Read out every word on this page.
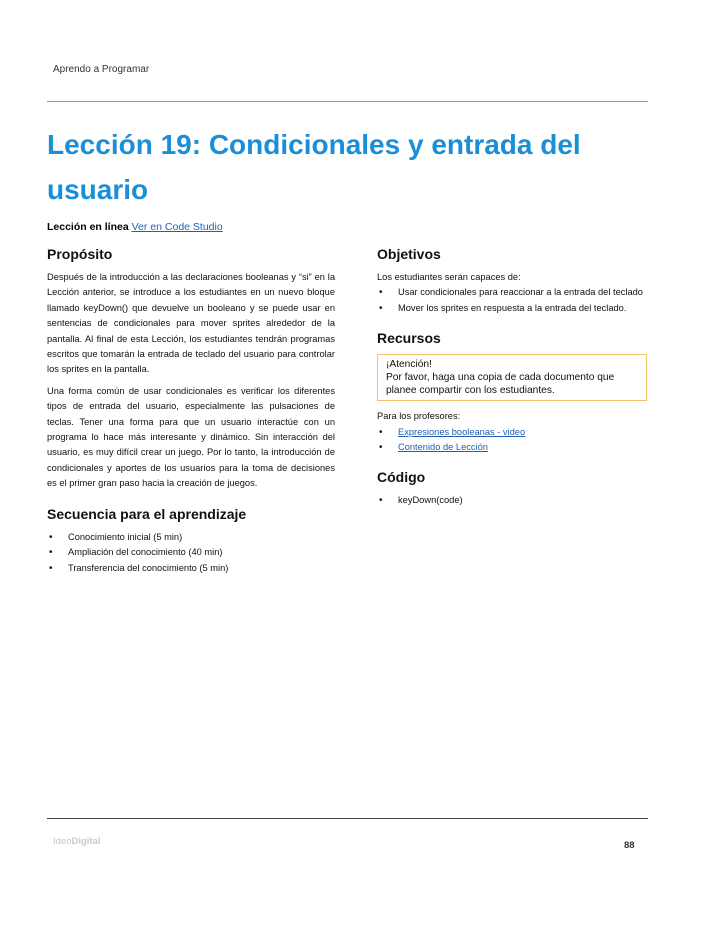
Aprendo a Programar
Lección 19: Condicionales y entrada del usuario
Lección en línea Ver en Code Studio
Propósito

Después de la introducción a las declaraciones booleanas y “si” en la Lección anterior, se introduce a los estudiantes en un nuevo bloque llamado keyDown() que devuelve un booleano y se puede usar en sentencias de condicionales para mover sprites alrededor de la pantalla. Al final de esta Lección, los estudiantes tendrán programas escritos que tomarán la entrada de teclado del usuario para controlar los sprites en la pantalla.

Una forma común de usar condicionales es verificar los diferentes tipos de entrada del usuario, especialmente las pulsaciones de teclas. Tener una forma para que un usuario interactúe con un programa lo hace más interesante y dinámico. Sin interacción del usuario, es muy difícil crear un juego. Por lo tanto, la introducción de condicionales y aportes de los usuarios para la toma de decisiones es el primer gran paso hacia la creación de juegos.

Secuencia para el aprendizaje
• Conocimiento inicial (5 min)
• Ampliación del conocimiento (40 min)
• Transferencia del conocimiento (5 min)
Objetivos
Los estudiantes serán capaces de:
• Usar condicionales para reaccionar a la entrada del teclado
• Mover los sprites en respuesta a la entrada del teclado.
Recursos
¡Atención!
Por favor, haga una copia de cada documento que planee compartir con los estudiantes.
Para los profesores:
• Expresiones booleanas - video
• Contenido de Lección
Código
• keyDown(code)
IdeoDigital	88
